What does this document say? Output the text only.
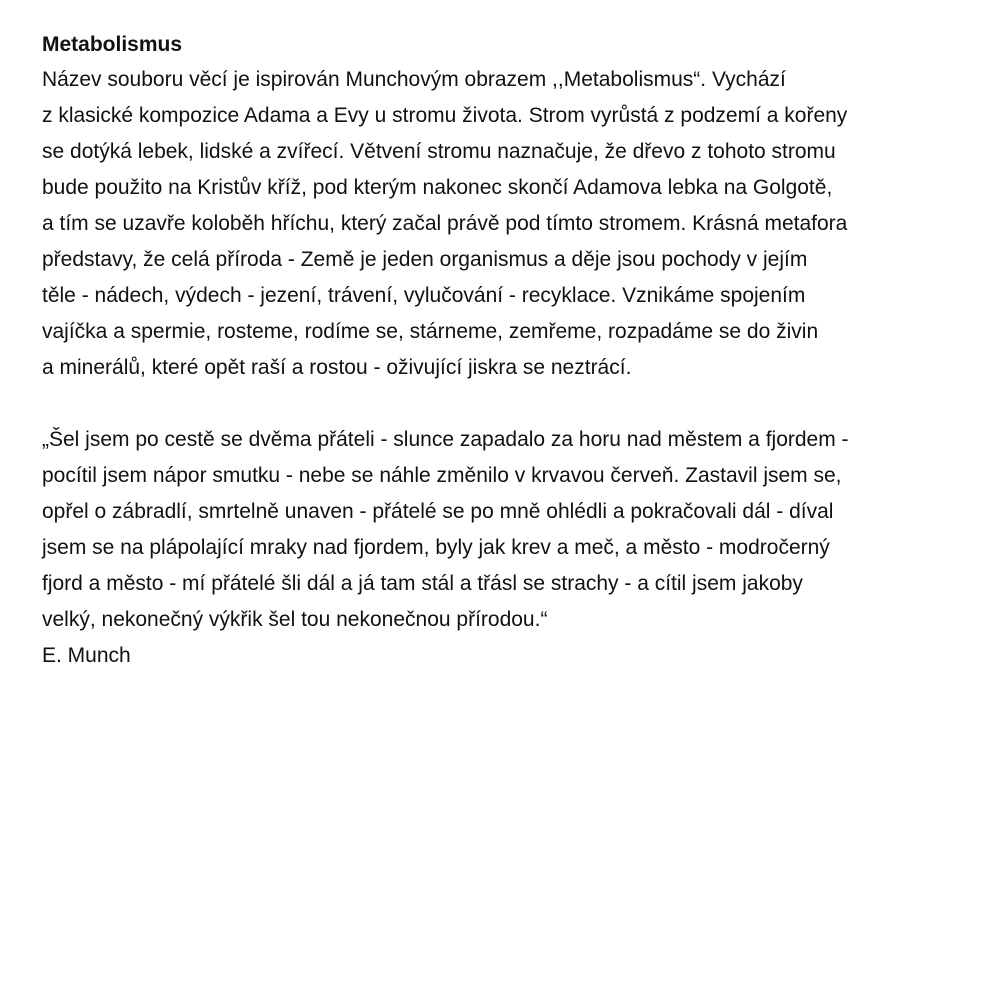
Metabolismus
Název souboru věcí je ispirován Munchovým obrazem ,,Metabolismus“. Vychází
z klasické kompozice Adama a Evy u stromu života. Strom vyrůstá z podzemí a kořeny
se dotýká lebek, lidské a zvířecí. Větvení stromu naznačuje, že dřevo z tohoto stromu
bude použito na Kristův kříž, pod kterým nakonec skončí Adamova lebka na Golgotě,
a tím se uzavře koloběh hříchu, který začal právě pod tímto stromem. Krásná metafora
představy, že celá příroda - Země je jeden organismus a děje jsou pochody v jejím
těle - nádech, výdech - jezení, trávení, vylučování - recyklace. Vznikáme spojením
vajíčka a spermie, rosteme, rodíme se, stárneme, zemřeme, rozpadáme se do živin
a minerálů, které opět raší a rostou - oživující jiskra se neztrácí.
„Šel jsem po cestě se dvěma přáteli - slunce zapadalo za horu nad městem a fjordem -
pocítil jsem nápor smutku - nebe se náhle změnilo v krvavou červeň. Zastavil jsem se,
opřel o zábradlí, smrtelně unaven - přátelé se po mně ohlédli a pokračovali dál - díval
jsem se na plápolající mraky nad fjordem, byly jak krev a meč, a město - modročerný
fjord a město - mí přátelé šli dál a já tam stál a třásl se strachy - a cítil jsem jakoby
velký, nekonečný výkřik šel tou nekonečnou přírodou.“
E. Munch
